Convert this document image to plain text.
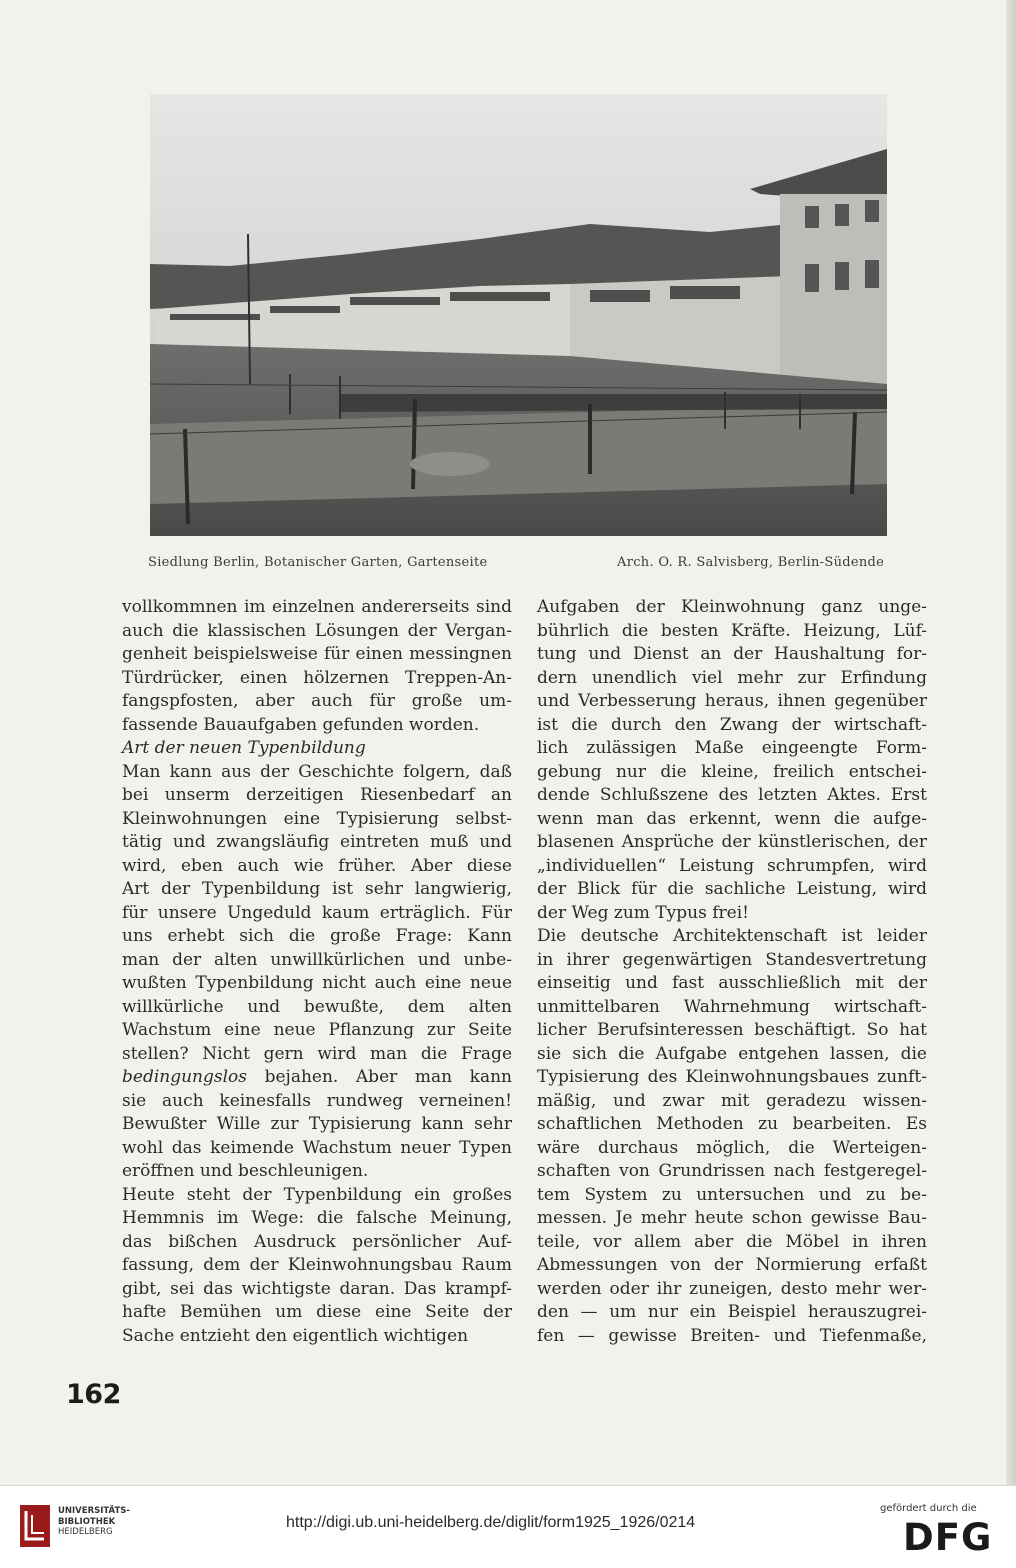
Siedlung Berlin, Botanischer Garten, Gartenseite	Arch. O. R. Salvisberg, Berlin-Südende
vollkommnen im einzelnen andererseits sind
auch die klassischen Lösungen der Vergan-
genheit beispielsweise für einen messingnen
Türdrücker, einen hölzernen Treppen-An-
fangspfosten, aber auch für große um-
fassende Bauaufgaben gefunden worden.
Art der neuen Typenbildung
Man kann aus der Geschichte folgern, daß
bei unserm derzeitigen Riesenbedarf an
Kleinwohnungen eine Typisierung selbst-
tätig und zwangsläufig eintreten muß und
wird, eben auch wie früher. Aber diese
Art der Typenbildung ist sehr langwierig,
für unsere Ungeduld kaum erträglich. Für
uns erhebt sich die große Frage: Kann
man der alten unwillkürlichen und unbe-
wußten Typenbildung nicht auch eine neue
willkürliche und bewußte, dem alten
Wachstum eine neue Pflanzung zur Seite
stellen? Nicht gern wird man die Frage
bedingungslos bejahen. Aber man kann
sie auch keinesfalls rundweg verneinen!
Bewußter Wille zur Typisierung kann sehr
wohl das keimende Wachstum neuer Typen
eröffnen und beschleunigen.
Heute steht der Typenbildung ein großes
Hemmnis im Wege: die falsche Meinung,
das bißchen Ausdruck persönlicher Auf-
fassung, dem der Kleinwohnungsbau Raum
gibt, sei das wichtigste daran. Das krampf-
hafte Bemühen um diese eine Seite der
Sache entzieht den eigentlich wichtigen
Aufgaben der Kleinwohnung ganz unge-
bührlich die besten Kräfte. Heizung, Lüf-
tung und Dienst an der Haushaltung for-
dern unendlich viel mehr zur Erfindung
und Verbesserung heraus, ihnen gegenüber
ist die durch den Zwang der wirtschaft-
lich zulässigen Maße eingeengte Form-
gebung nur die kleine, freilich entschei-
dende Schlußszene des letzten Aktes. Erst
wenn man das erkennt, wenn die aufge-
blasenen Ansprüche der künstlerischen, der
„individuellen“ Leistung schrumpfen, wird
der Blick für die sachliche Leistung, wird
der Weg zum Typus frei!
Die deutsche Architektenschaft ist leider
in ihrer gegenwärtigen Standesvertretung
einseitig und fast ausschließlich mit der
unmittelbaren Wahrnehmung wirtschaft-
licher Berufsinteressen beschäftigt. So hat
sie sich die Aufgabe entgehen lassen, die
Typisierung des Kleinwohnungsbaues zunft-
mäßig, und zwar mit geradezu wissen-
schaftlichen Methoden zu bearbeiten. Es
wäre durchaus möglich, die Werteigen-
schaften von Grundrissen nach festgeregel-
tem System zu untersuchen und zu be-
messen. Je mehr heute schon gewisse Bau-
teile, vor allem aber die Möbel in ihren
Abmessungen von der Normierung erfaßt
werden oder ihr zuneigen, desto mehr wer-
den — um nur ein Beispiel herauszugrei-
fen — gewisse Breiten- und Tiefenmaße,
162
UNIVERSITÄTS-
BIBLIOTHEK
HEIDELBERG
http://digi.ub.uni-heidelberg.de/diglit/form1925_1926/0214
gefördert durch die
DFG
